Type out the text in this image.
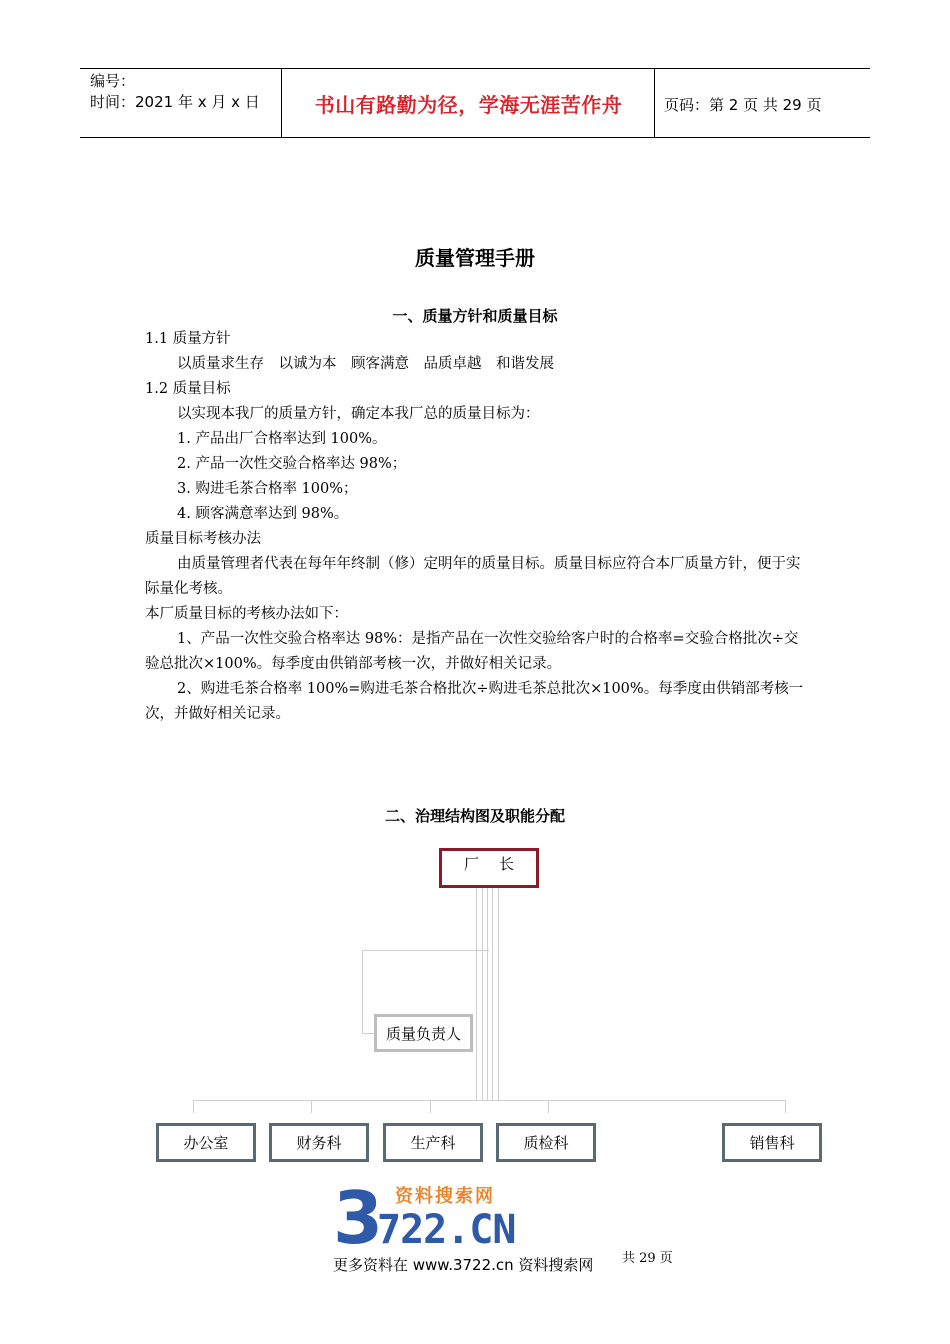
编号：
时间：2021 年 x 月 x 日	书山有路勤为径，学海无涯苦作舟	页码：第 2 页 共 29 页
质量管理手册
一、质量方针和质量目标
1.1 质量方针
以质量求生存　以诚为本　顾客满意　品质卓越　和谐发展
1.2 质量目标
以实现本我厂的质量方针，确定本我厂总的质量目标为：
1. 产品出厂合格率达到 100%。
2. 产品一次性交验合格率达 98%；
3. 购进毛茶合格率 100%；
4. 顾客满意率达到 98%。
质量目标考核办法
由质量管理者代表在每年年终制（修）定明年的质量目标。质量目标应符合本厂质量方针，便于实际量化考核。
本厂质量目标的考核办法如下：
1、产品一次性交验合格率达 98%：是指产品在一次性交验给客户时的合格率=交验合格批次÷交验总批次×100%。每季度由供销部考核一次，并做好相关记录。
2、购进毛茶合格率 100%=购进毛茶合格批次÷购进毛茶总批次×100%。每季度由供销部考核一次，并做好相关记录。
二、治理结构图及职能分配
厂长
质量负责人
办公室	财务科	生产科	质检科	销售科
3 资料搜索网
722.CN
更多资料在 www.3722.cn 资料搜索网 共 29 页
